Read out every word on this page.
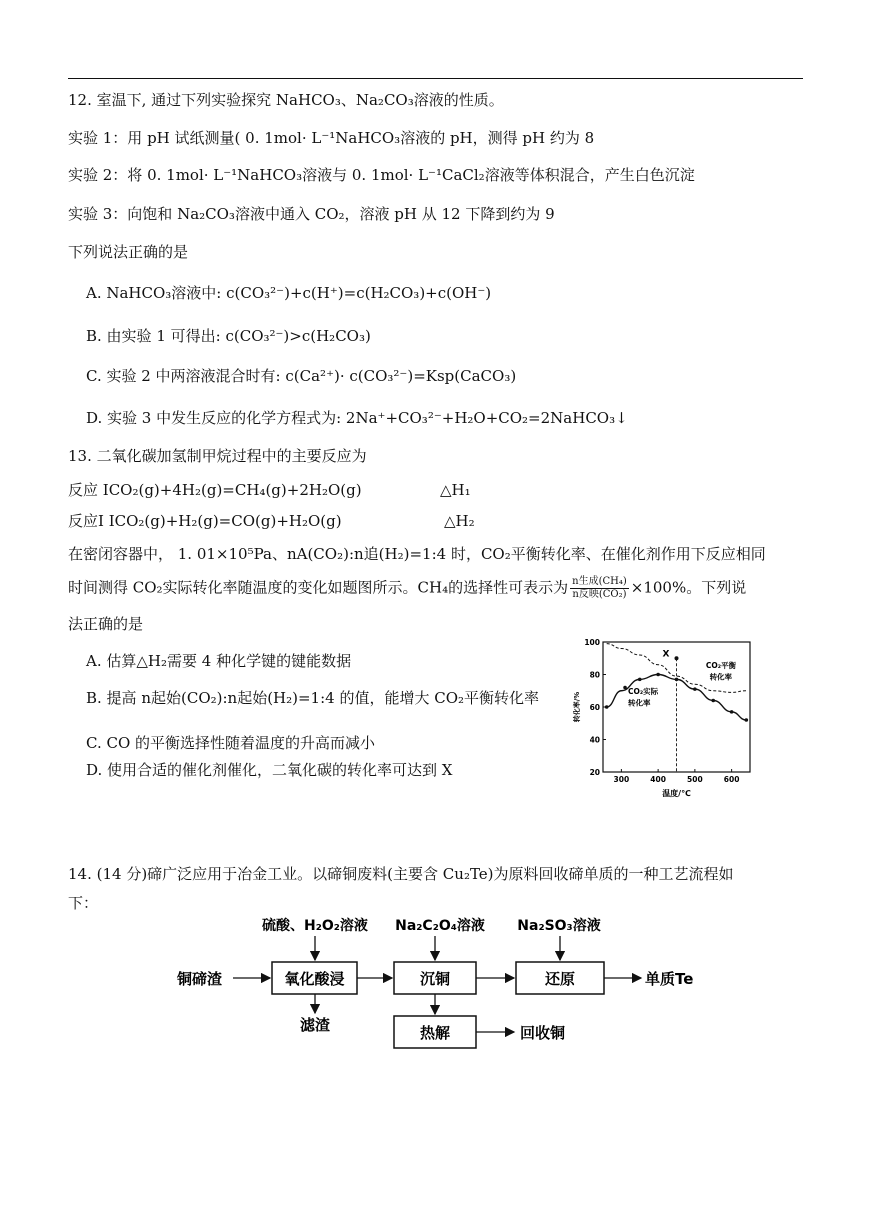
12. 室温下, 通过下列实验探究 NaHCO₃、Na₂CO₃溶液的性质。
实验 1：用 pH 试纸测量( 0. 1mol· L⁻¹NaHCO₃溶液的 pH，测得 pH 约为 8
实验 2：将 0. 1mol· L⁻¹NaHCO₃溶液与 0. 1mol· L⁻¹CaCl₂溶液等体积混合，产生白色沉淀
实验 3：向饱和 Na₂CO₃溶液中通入 CO₂，溶液 pH 从 12 下降到约为 9
下列说法正确的是
A. NaHCO₃溶液中: c(CO₃²⁻)+c(H⁺)=c(H₂CO₃)+c(OH⁻)
B. 由实验 1 可得出: c(CO₃²⁻)>c(H₂CO₃)
C. 实验 2 中两溶液混合时有: c(Ca²⁺)· c(CO₃²⁻)=Ksp(CaCO₃)
D. 实验 3 中发生反应的化学方程式为: 2Na⁺+CO₃²⁻+H₂O+CO₂=2NaHCO₃↓
13. 二氧化碳加氢制甲烷过程中的主要反应为
反应 ICO₂(g)+4H₂(g)=CH₄(g)+2H₂O(g)	△H₁
反应I ICO₂(g)+H₂(g)=CO(g)+H₂O(g)	△H₂
在密闭容器中， 1. 01×10⁵Pa、nA(CO₂):n追(H₂)=1:4 时，CO₂平衡转化率、在催化剂作用下反应相同
时间测得 CO₂实际转化率随温度的变化如题图所示。CH₄的选择性可表示为 $\frac{\text{n生成(CH₄)}}{\text{n反映(CO₂)}} \times 100\%$。下列说
法正确的是
A. 估算△H₂需要 4 种化学键的键能数据
B. 提高 n起始(CO₂):n起始(H₂)=1:4 的值，能增大 CO₂平衡转化率
C. CO 的平衡选择性随着温度的升高而减小
D. 使用合适的催化剂催化，二氧化碳的转化率可达到 X
300	400	500	600
20
40
60
80
100
温度/℃
转化率/%
X
CO₂平衡
转化率
CO₂实际
转化率
14. (14 分)碲广泛应用于冶金工业。以碲铜废料(主要含 Cu₂Te)为原料回收碲单质的一种工艺流程如
下：
铜碲渣	氧化酸浸	沉铜	还原
热解
硫酸、H₂O₂溶液 Na₂C₂O₄溶液 Na₂SO₃溶液
滤渣
单质Te
回收铜
